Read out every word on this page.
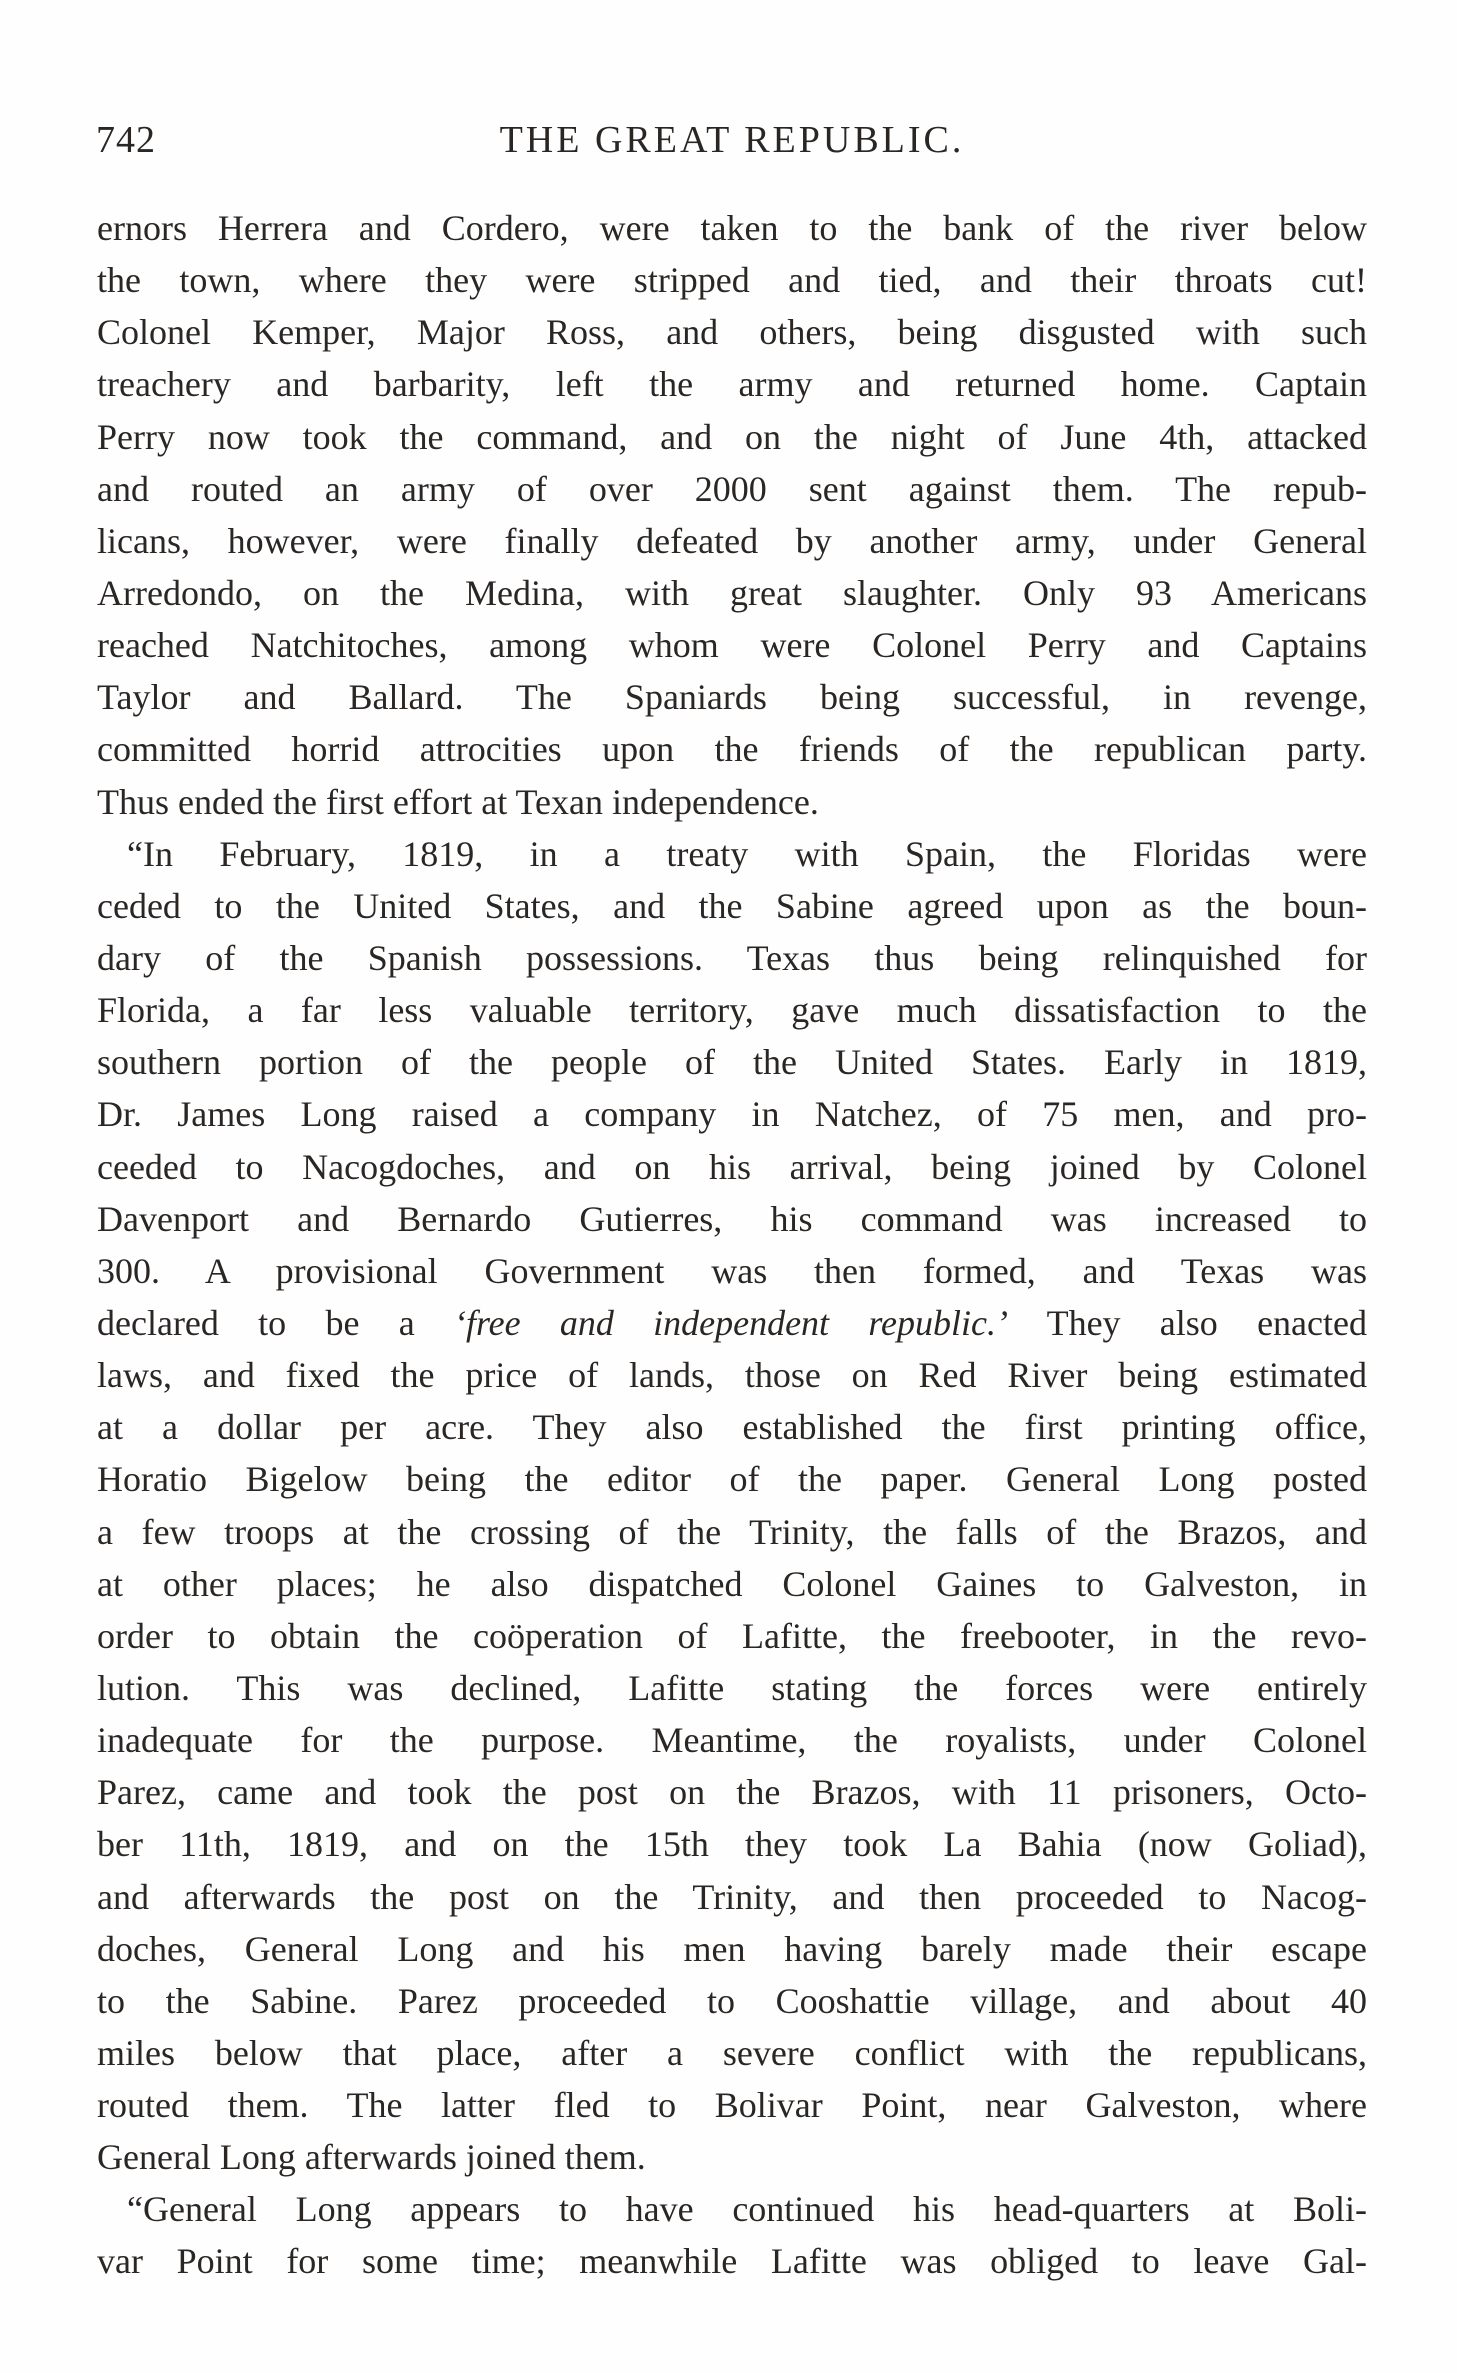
742	THE GREAT REPUBLIC.
ernors Herrera and Cordero, were taken to the bank of the river below
the town, where they were stripped and tied, and their throats cut!
Colonel Kemper, Major Ross, and others, being disgusted with such
treachery and barbarity, left the army and returned home. Captain
Perry now took the command, and on the night of June 4th, attacked
and routed an army of over 2000 sent against them. The repub-
licans, however, were finally defeated by another army, under General
Arredondo, on the Medina, with great slaughter. Only 93 Americans
reached Natchitoches, among whom were Colonel Perry and Captains
Taylor and Ballard. The Spaniards being successful, in revenge,
committed horrid attrocities upon the friends of the republican party.
Thus ended the first effort at Texan independence.
“In February, 1819, in a treaty with Spain, the Floridas were
ceded to the United States, and the Sabine agreed upon as the boun-
dary of the Spanish possessions. Texas thus being relinquished for
Florida, a far less valuable territory, gave much dissatisfaction to the
southern portion of the people of the United States. Early in 1819,
Dr. James Long raised a company in Natchez, of 75 men, and pro-
ceeded to Nacogdoches, and on his arrival, being joined by Colonel
Davenport and Bernardo Gutierres, his command was increased to
300. A provisional Government was then formed, and Texas was
declared to be a ‘free and independent republic.’ They also enacted
laws, and fixed the price of lands, those on Red River being estimated
at a dollar per acre. They also established the first printing office,
Horatio Bigelow being the editor of the paper. General Long posted
a few troops at the crossing of the Trinity, the falls of the Brazos, and
at other places; he also dispatched Colonel Gaines to Galveston, in
order to obtain the coöperation of Lafitte, the freebooter, in the revo-
lution. This was declined, Lafitte stating the forces were entirely
inadequate for the purpose. Meantime, the royalists, under Colonel
Parez, came and took the post on the Brazos, with 11 prisoners, Octo-
ber 11th, 1819, and on the 15th they took La Bahia (now Goliad),
and afterwards the post on the Trinity, and then proceeded to Nacog-
doches, General Long and his men having barely made their escape
to the Sabine. Parez proceeded to Cooshattie village, and about 40
miles below that place, after a severe conflict with the republicans,
routed them. The latter fled to Bolivar Point, near Galveston, where
General Long afterwards joined them.
“General Long appears to have continued his head-quarters at Boli-
var Point for some time; meanwhile Lafitte was obliged to leave Gal-
